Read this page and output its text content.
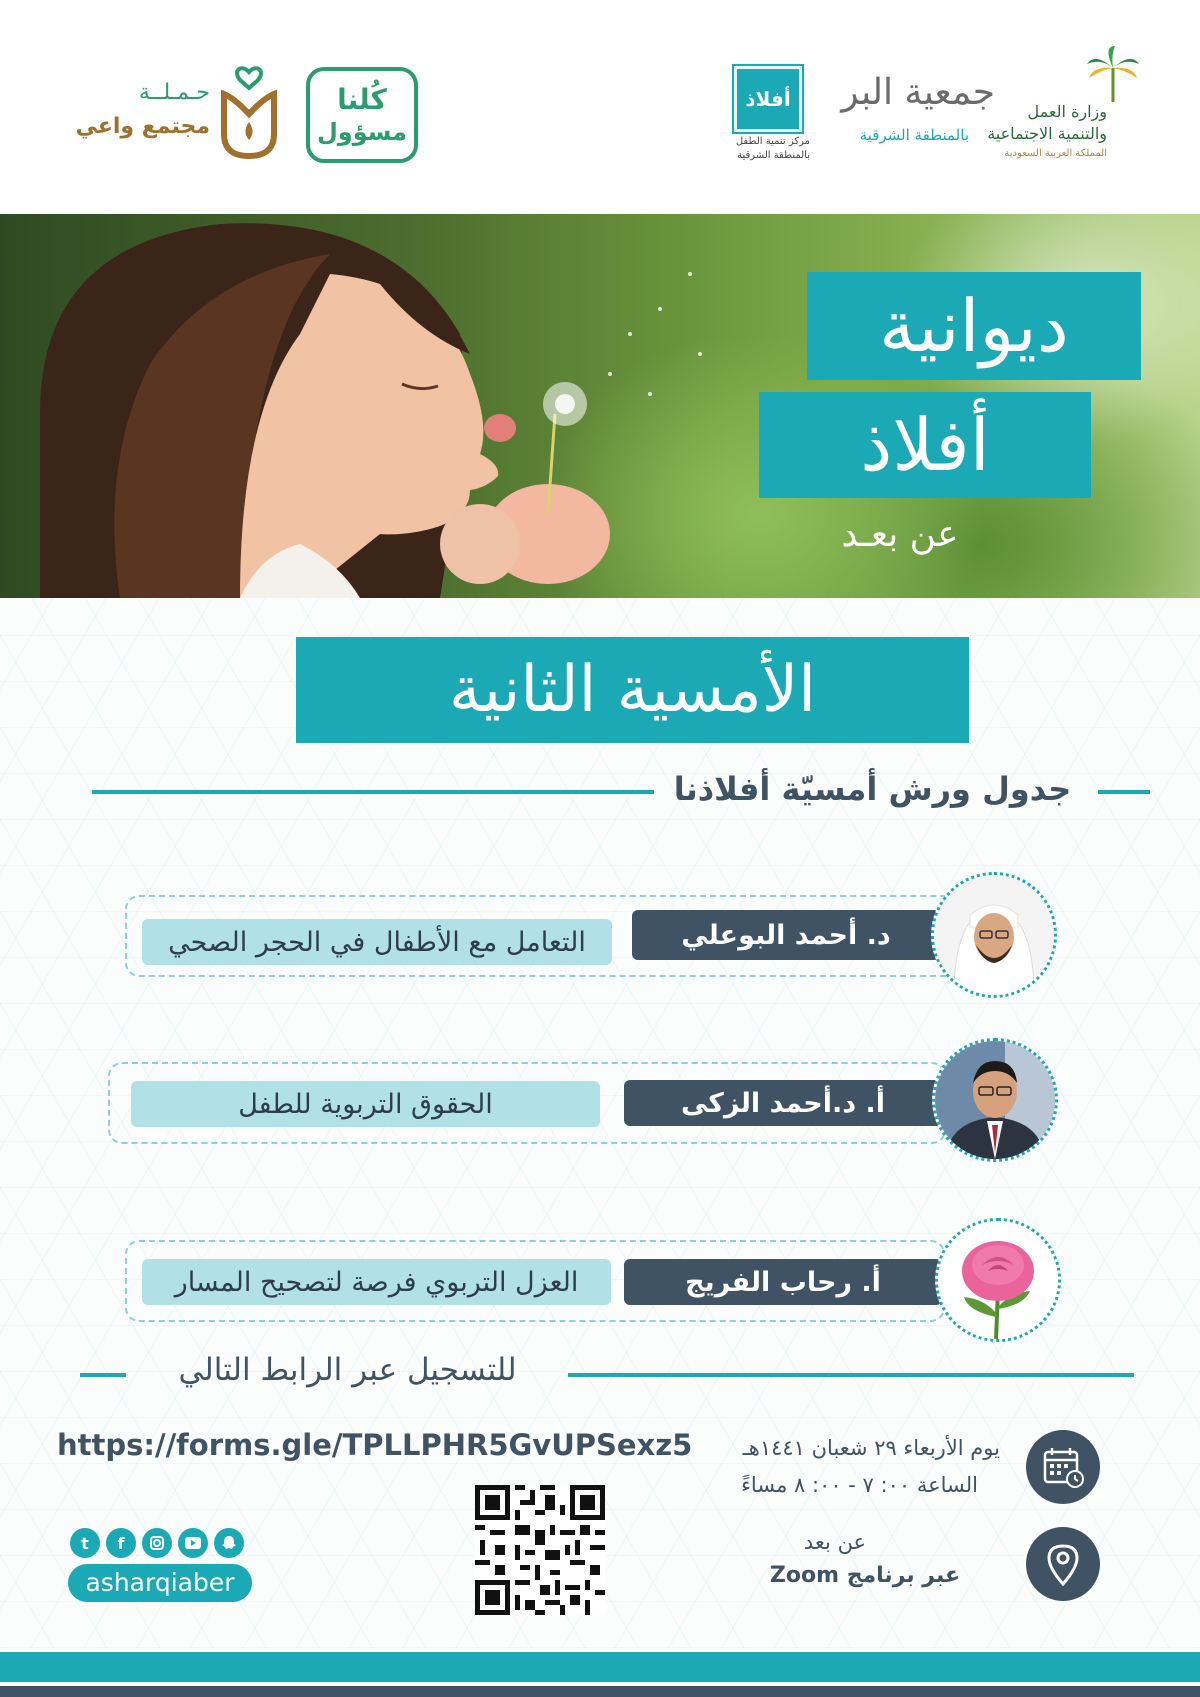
وزارة العمل
والتنمية الاجتماعية
المملكة العربية السعودية
جمعية البر
بالمنطقة الشرقية
أفلاذ
مركز تنمية الطفل
بالمنطقة الشرقية
كُلنا
مسؤول
حـمـلــة
مجتمع واعي
ديوانية
أفلاذ
عن بعـد
الأمسية الثانية
جدول ورش أمسيّة أفلاذنا
التعامل مع الأطفال في الحجر الصحي	د. أحمد البوعلي
الحقوق التربوية للطفل	أ. د.أحمد الزكى
العزل التربوي فرصة لتصحيح المسار	أ. رحاب الفريج
للتسجيل عبر الرابط التالي
https://forms.gle/TPLLPHR5GvUPSexz5	يوم الأربعاء ٢٩ شعبان ١٤٤١هـ
الساعة ٠٠: ٧ - ٠٠: ٨ مساءً
عن بعد
عبر برنامج Zoom
t	f
asharqiaber
